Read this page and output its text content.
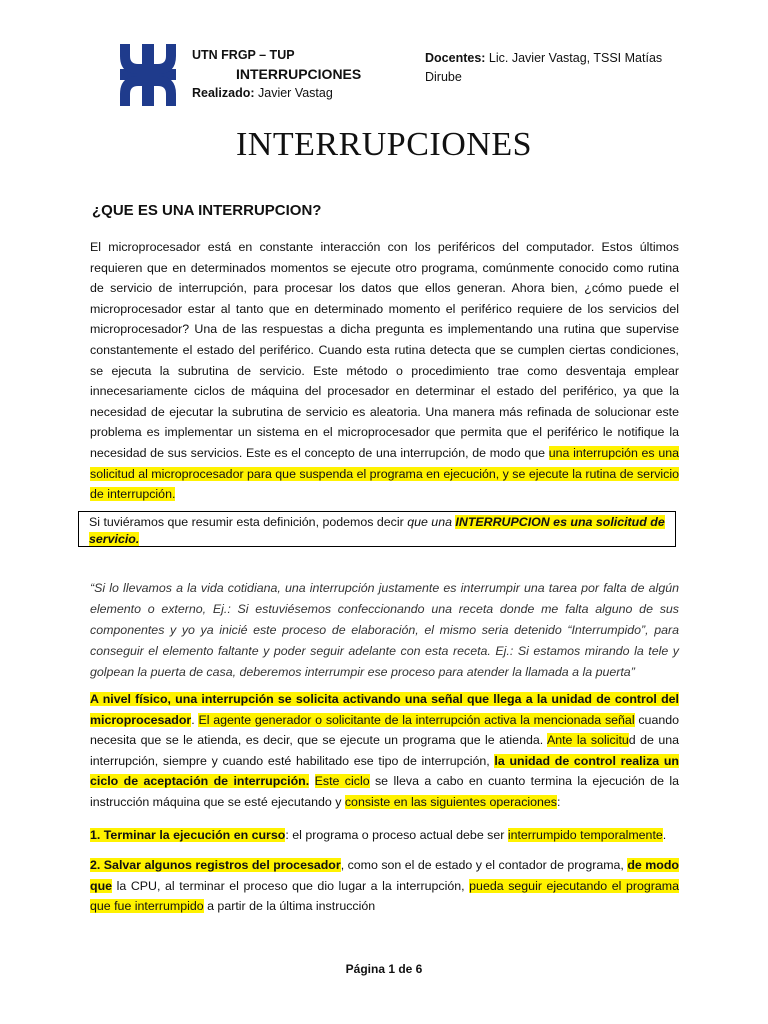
UTN FRGP – TUP
INTERRUPCIONES
Realizado: Javier Vastag
Docentes: Lic. Javier Vastag, TSSI Matías Dirube
INTERRUPCIONES
¿QUE ES UNA INTERRUPCION?
El microprocesador está en constante interacción con los periféricos del computador. Estos últimos requieren que en determinados momentos se ejecute otro programa, comúnmente conocido como rutina de servicio de interrupción, para procesar los datos que ellos generan. Ahora bien, ¿cómo puede el microprocesador estar al tanto que en determinado momento el periférico requiere de los servicios del microprocesador? Una de las respuestas a dicha pregunta es implementando una rutina que supervise constantemente el estado del periférico. Cuando esta rutina detecta que se cumplen ciertas condiciones, se ejecuta la subrutina de servicio. Este método o procedimiento trae como desventaja emplear innecesariamente ciclos de máquina del procesador en determinar el estado del periférico, ya que la necesidad de ejecutar la subrutina de servicio es aleatoria. Una manera más refinada de solucionar este problema es implementar un sistema en el microprocesador que permita que el periférico le notifique la necesidad de sus servicios. Este es el concepto de una interrupción, de modo que una interrupción es una solicitud al microprocesador para que suspenda el programa en ejecución, y se ejecute la rutina de servicio de interrupción.
Si tuviéramos que resumir esta definición, podemos decir que una INTERRUPCION es una solicitud de servicio.
“Si lo llevamos a la vida cotidiana, una interrupción justamente es interrumpir una tarea por falta de algún elemento o externo, Ej.: Si estuviésemos confeccionando una receta donde me falta alguno de sus componentes y yo ya inicié este proceso de elaboración, el mismo seria detenido “Interrumpido”, para conseguir el elemento faltante y poder seguir adelante con esta receta. Ej.: Si estamos mirando la tele y golpean la puerta de casa, deberemos interrumpir ese proceso para atender la llamada a la puerta”
A nivel físico, una interrupción se solicita activando una señal que llega a la unidad de control del microprocesador. El agente generador o solicitante de la interrupción activa la mencionada señal cuando necesita que se le atienda, es decir, que se ejecute un programa que le atienda. Ante la solicitud de una interrupción, siempre y cuando esté habilitado ese tipo de interrupción, la unidad de control realiza un ciclo de aceptación de interrupción. Este ciclo se lleva a cabo en cuanto termina la ejecución de la instrucción máquina que se esté ejecutando y consiste en las siguientes operaciones:
1. Terminar la ejecución en curso: el programa o proceso actual debe ser interrumpido temporalmente.
2. Salvar algunos registros del procesador, como son el de estado y el contador de programa, de modo que la CPU, al terminar el proceso que dio lugar a la interrupción, pueda seguir ejecutando el programa que fue interrumpido a partir de la última instrucción
Página 1 de 6
